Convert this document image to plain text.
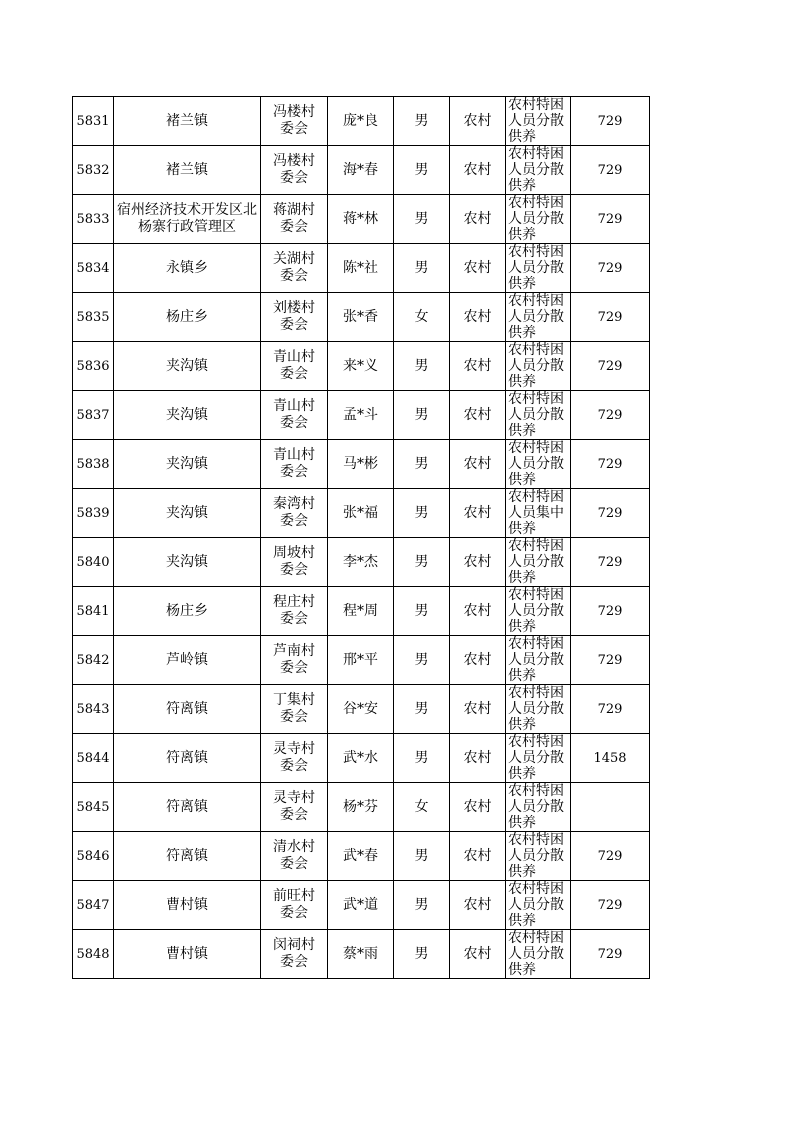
5831	褚兰镇	冯楼村委会	庞*良	男	农村	农村特困人员分散供养	729
5832	褚兰镇	冯楼村委会	海*春	男	农村	农村特困人员分散供养	729
5833	宿州经济技术开发区北杨寨行政管理区	蒋湖村委会	蒋*林	男	农村	农村特困人员分散供养	729
5834	永镇乡	关湖村委会	陈*社	男	农村	农村特困人员分散供养	729
5835	杨庄乡	刘楼村委会	张*香	女	农村	农村特困人员分散供养	729
5836	夹沟镇	青山村委会	来*义	男	农村	农村特困人员分散供养	729
5837	夹沟镇	青山村委会	孟*斗	男	农村	农村特困人员分散供养	729
5838	夹沟镇	青山村委会	马*彬	男	农村	农村特困人员分散供养	729
5839	夹沟镇	秦湾村委会	张*福	男	农村	农村特困人员集中供养	729
5840	夹沟镇	周坡村委会	李*杰	男	农村	农村特困人员分散供养	729
5841	杨庄乡	程庄村委会	程*周	男	农村	农村特困人员分散供养	729
5842	芦岭镇	芦南村委会	邢*平	男	农村	农村特困人员分散供养	729
5843	符离镇	丁集村委会	谷*安	男	农村	农村特困人员分散供养	729
5844	符离镇	灵寺村委会	武*水	男	农村	农村特困人员分散供养	1458
5845	符离镇	灵寺村委会	杨*芬	女	农村	农村特困人员分散供养	

5846	符离镇	清水村委会	武*春	男	农村	农村特困人员分散供养	729
5847	曹村镇	前旺村委会	武*道	男	农村	农村特困人员分散供养	729
5848	曹村镇	闵祠村委会	蔡*雨	男	农村	农村特困人员分散供养	729
